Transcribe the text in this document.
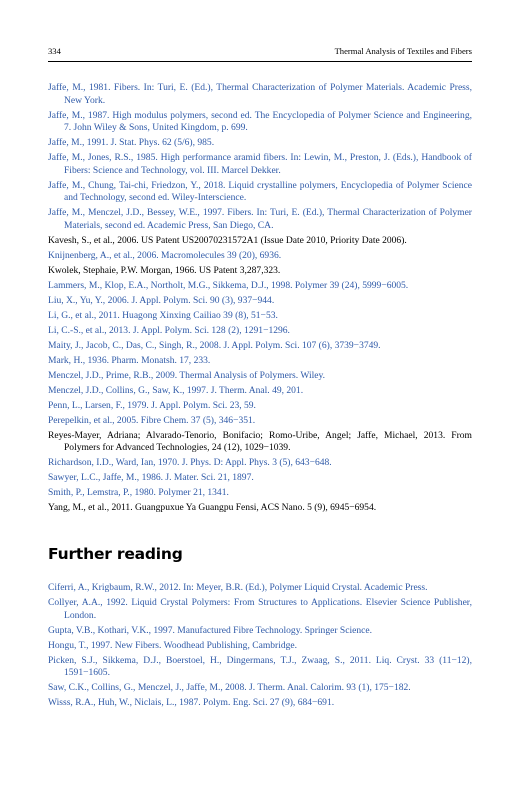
334	Thermal Analysis of Textiles and Fibers

Jaffe, M., 1981. Fibers. In: Turi, E. (Ed.), Thermal Characterization of Polymer Materials. Academic Press, New York.

Jaffe, M., 1987. High modulus polymers, second ed. The Encyclopedia of Polymer Science and Engineering, 7. John Wiley & Sons, United Kingdom, p. 699.

Jaffe, M., 1991. J. Stat. Phys. 62 (5/6), 985.

Jaffe, M., Jones, R.S., 1985. High performance aramid fibers. In: Lewin, M., Preston, J. (Eds.), Handbook of Fibers: Science and Technology, vol. III. Marcel Dekker.

Jaffe, M., Chung, Tai-chi, Friedzon, Y., 2018. Liquid crystalline polymers, Encyclopedia of Polymer Science and Technology, second ed. Wiley-Interscience.

Jaffe, M., Menczel, J.D., Bessey, W.E., 1997. Fibers. In: Turi, E. (Ed.), Thermal Characterization of Polymer Materials, second ed. Academic Press, San Diego, CA.

Kavesh, S., et al., 2006. US Patent US20070231572A1 (Issue Date 2010, Priority Date 2006).

Knijnenberg, A., et al., 2006. Macromolecules 39 (20), 6936.

Kwolek, Stephaie, P.W. Morgan, 1966. US Patent 3,287,323.

Lammers, M., Klop, E.A., Northolt, M.G., Sikkema, D.J., 1998. Polymer 39 (24), 5999−6005.

Liu, X., Yu, Y., 2006. J. Appl. Polym. Sci. 90 (3), 937−944.

Li, G., et al., 2011. Huagong Xinxing Cailiao 39 (8), 51−53.

Li, C.-S., et al., 2013. J. Appl. Polym. Sci. 128 (2), 1291−1296.

Maity, J., Jacob, C., Das, C., Singh, R., 2008. J. Appl. Polym. Sci. 107 (6), 3739−3749.

Mark, H., 1936. Pharm. Monatsh. 17, 233.

Menczel, J.D., Prime, R.B., 2009. Thermal Analysis of Polymers. Wiley.

Menczel, J.D., Collins, G., Saw, K., 1997. J. Therm. Anal. 49, 201.

Penn, L., Larsen, F., 1979. J. Appl. Polym. Sci. 23, 59.

Perepelkin, et al., 2005. Fibre Chem. 37 (5), 346−351.

Reyes-Mayer, Adriana; Alvarado-Tenorio, Bonifacio; Romo-Uribe, Angel; Jaffe, Michael, 2013. From Polymers for Advanced Technologies, 24 (12), 1029−1039.

Richardson, I.D., Ward, Ian, 1970. J. Phys. D: Appl. Phys. 3 (5), 643−648.

Sawyer, L.C., Jaffe, M., 1986. J. Mater. Sci. 21, 1897.

Smith, P., Lemstra, P., 1980. Polymer 21, 1341.

Yang, M., et al., 2011. Guangpuxue Ya Guangpu Fensi, ACS Nano. 5 (9), 6945−6954.

Further reading

Ciferri, A., Krigbaum, R.W., 2012. In: Meyer, B.R. (Ed.), Polymer Liquid Crystal. Academic Press.

Collyer, A.A., 1992. Liquid Crystal Polymers: From Structures to Applications. Elsevier Science Publisher, London.

Gupta, V.B., Kothari, V.K., 1997. Manufactured Fibre Technology. Springer Science.

Hongu, T., 1997. New Fibers. Woodhead Publishing, Cambridge.

Picken, S.J., Sikkema, D.J., Boerstoel, H., Dingermans, T.J., Zwaag, S., 2011. Liq. Cryst. 33 (11−12), 1591−1605.

Saw, C.K., Collins, G., Menczel, J., Jaffe, M., 2008. J. Therm. Anal. Calorim. 93 (1), 175−182.

Wisss, R.A., Huh, W., Niclais, L., 1987. Polym. Eng. Sci. 27 (9), 684−691.
